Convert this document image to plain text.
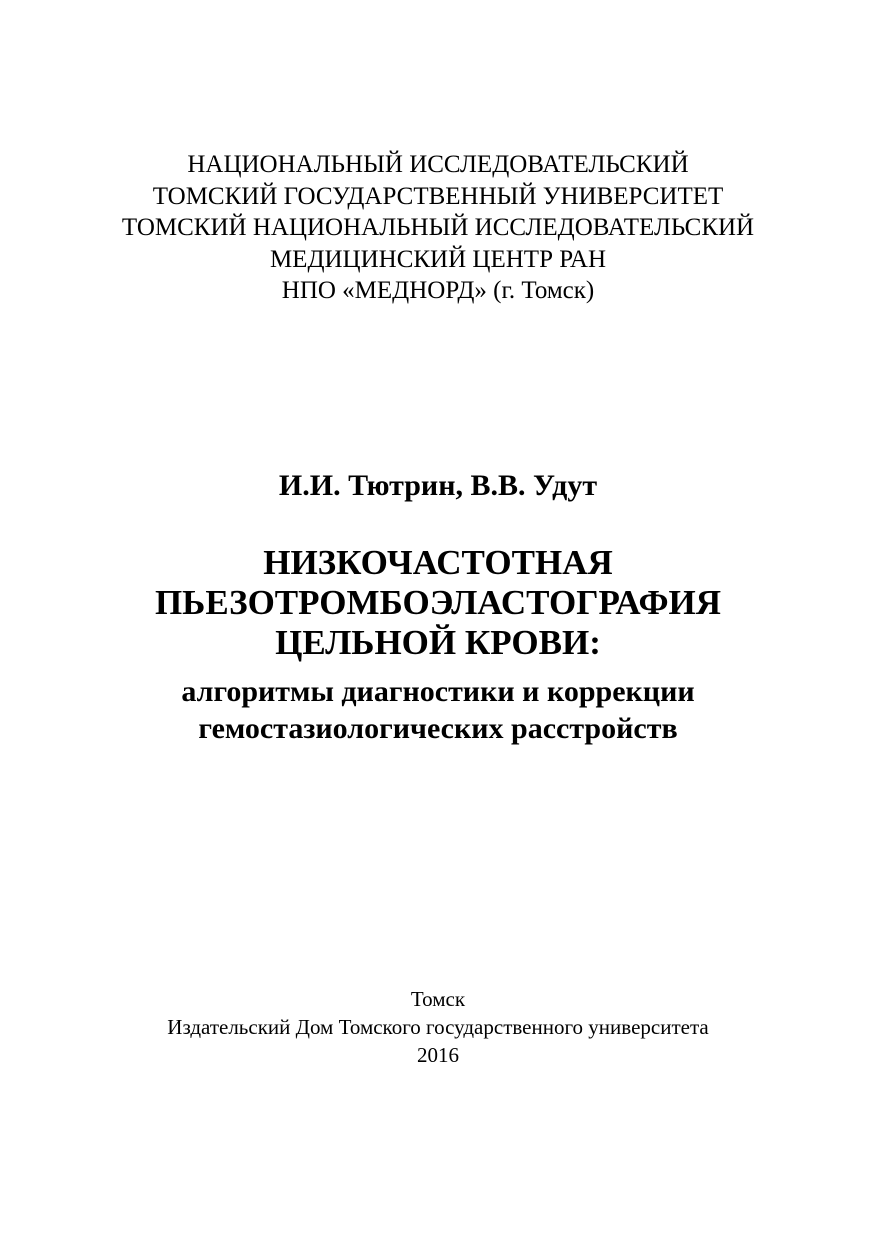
НАЦИОНАЛЬНЫЙ ИССЛЕДОВАТЕЛЬСКИЙ
ТОМСКИЙ ГОСУДАРСТВЕННЫЙ УНИВЕРСИТЕТ
ТОМСКИЙ НАЦИОНАЛЬНЫЙ ИССЛЕДОВАТЕЛЬСКИЙ
МЕДИЦИНСКИЙ ЦЕНТР РАН
НПО «МЕДНОРД» (г. Томск)
И.И. Тютрин, В.В. Удут
НИЗКОЧАСТОТНАЯ
ПЬЕЗОТРОМБОЭЛАСТОГРАФИЯ
ЦЕЛЬНОЙ КРОВИ:
алгоритмы диагностики и коррекции
гемостазиологических расстройств
Томск
Издательский Дом Томского государственного университета
2016
